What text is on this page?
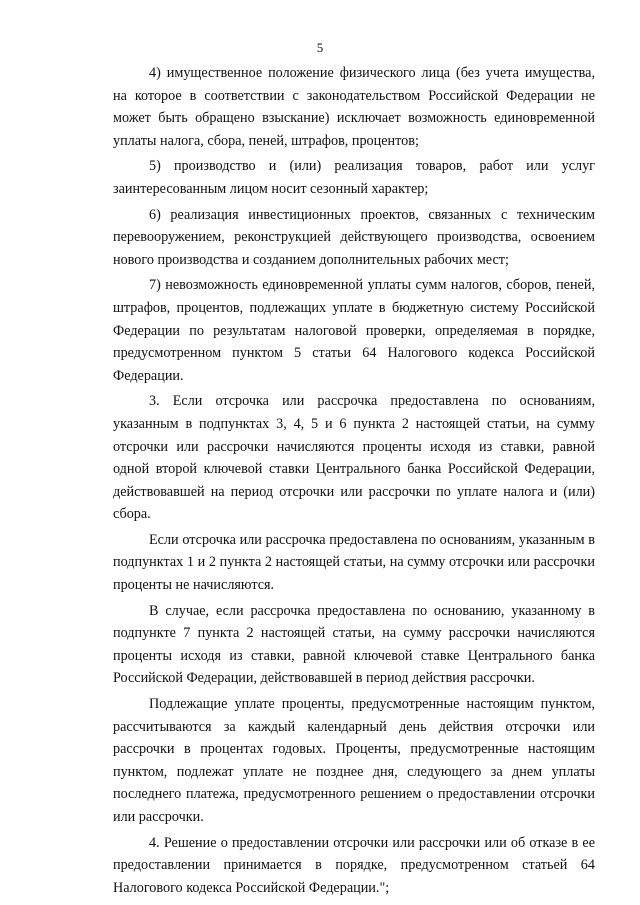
5

4) имущественное положение физического лица (без учета имущества, на которое в соответствии с законодательством Российской Федерации не может быть обращено взыскание) исключает возможность единовременной уплаты налога, сбора, пеней, штрафов, процентов;

5) производство и (или) реализация товаров, работ или услуг заинтересованным лицом носит сезонный характер;

6) реализация инвестиционных проектов, связанных с техническим перевооружением, реконструкцией действующего производства, освоением нового производства и созданием дополнительных рабочих мест;

7) невозможность единовременной уплаты сумм налогов, сборов, пеней, штрафов, процентов, подлежащих уплате в бюджетную систему Российской Федерации по результатам налоговой проверки, определяемая в порядке, предусмотренном пунктом 5 статьи 64 Налогового кодекса Российской Федерации.

3. Если отсрочка или рассрочка предоставлена по основаниям, указанным в подпунктах 3, 4, 5 и 6 пункта 2 настоящей статьи, на сумму отсрочки или рассрочки начисляются проценты исходя из ставки, равной одной второй ключевой ставки Центрального банка Российской Федерации, действовавшей на период отсрочки или рассрочки по уплате налога и (или) сбора.

Если отсрочка или рассрочка предоставлена по основаниям, указанным в подпунктах 1 и 2 пункта 2 настоящей статьи, на сумму отсрочки или рассрочки проценты не начисляются.

В случае, если рассрочка предоставлена по основанию, указанному в подпункте 7 пункта 2 настоящей статьи, на сумму рассрочки начисляются проценты исходя из ставки, равной ключевой ставке Центрального банка Российской Федерации, действовавшей в период действия рассрочки.

Подлежащие уплате проценты, предусмотренные настоящим пунктом, рассчитываются за каждый календарный день действия отсрочки или рассрочки в процентах годовых. Проценты, предусмотренные настоящим пунктом, подлежат уплате не позднее дня, следующего за днем уплаты последнего платежа, предусмотренного решением о предоставлении отсрочки или рассрочки.

4. Решение о предоставлении отсрочки или рассрочки или об отказе в ее предоставлении принимается в порядке, предусмотренном статьей 64 Налогового кодекса Российской Федерации.";
